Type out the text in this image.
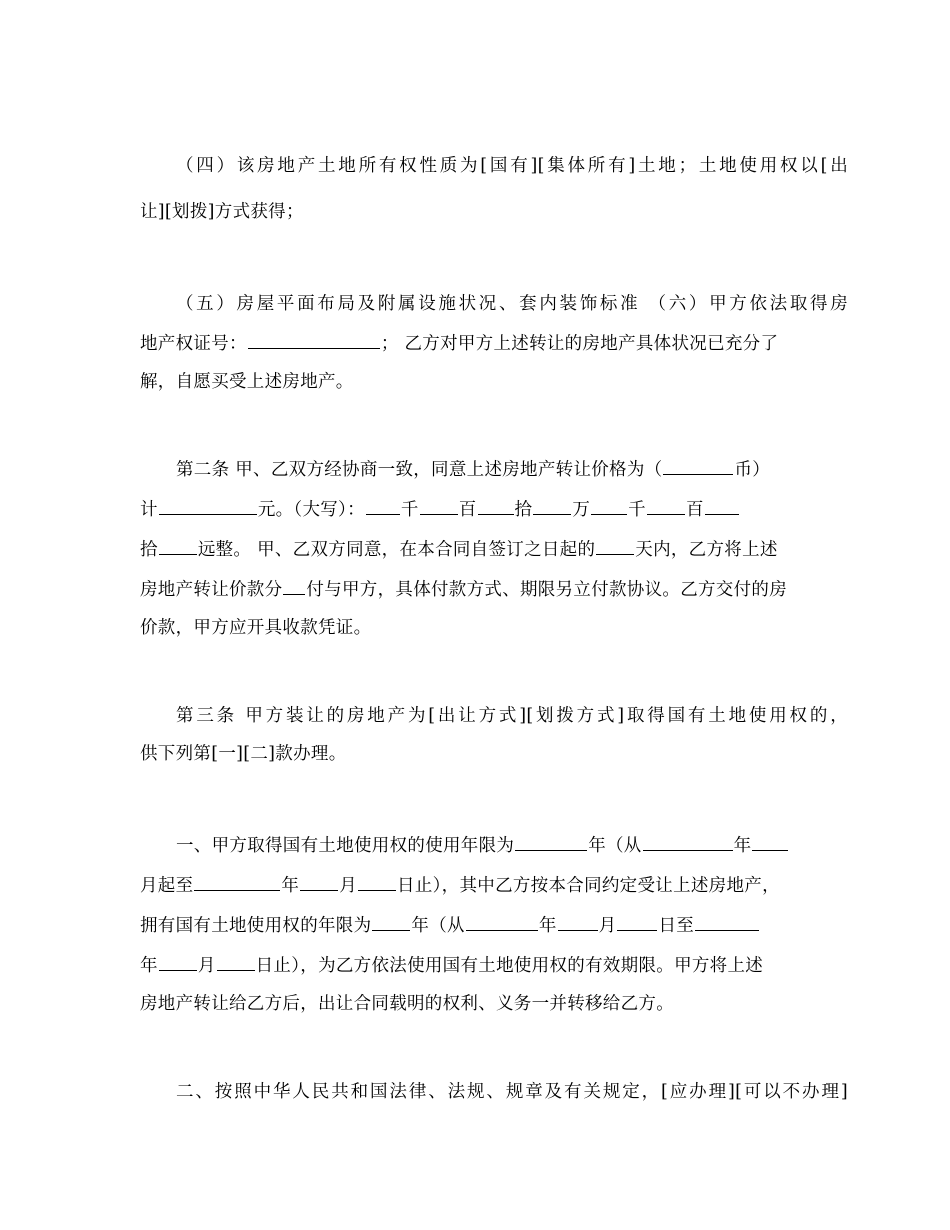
（四）该房地产土地所有权性质为[国有][集体所有]土地；土地使用权以[出
让][划拨]方式获得；
（五）房屋平面布局及附属设施状况、套内装饰标准 （六）甲方依法取得房
地产权证号：	； 乙方对甲方上述转让的房地产具体状况已充分了
解，自愿买受上述房地产。
第二条 甲、乙双方经协商一致，同意上述房地产转让价格为（	币）
计	元。（大写）： 千 百 拾 万 千 百
拾 远整。 甲、乙双方同意，在本合同自签订之日起的 天内，乙方将上述
房地产转让价款分 付与甲方，具体付款方式、期限另立付款协议。乙方交付的房
价款，甲方应开具收款凭证。
第三条 甲方装让的房地产为[出让方式][划拨方式]取得国有土地使用权的，
供下列第[一][二]款办理。
一、甲方取得国有土地使用权的使用年限为	年（从	年
月起至	年 月 日止），其中乙方按本合同约定受让上述房地产，
拥有国有土地使用权的年限为 年（从	年 月 日至
年 月 日止），为乙方依法使用国有土地使用权的有效期限。甲方将上述
房地产转让给乙方后，出让合同载明的权利、义务一并转移给乙方。
二、按照中华人民共和国法律、法规、规章及有关规定，[应办理][可以不办理]
